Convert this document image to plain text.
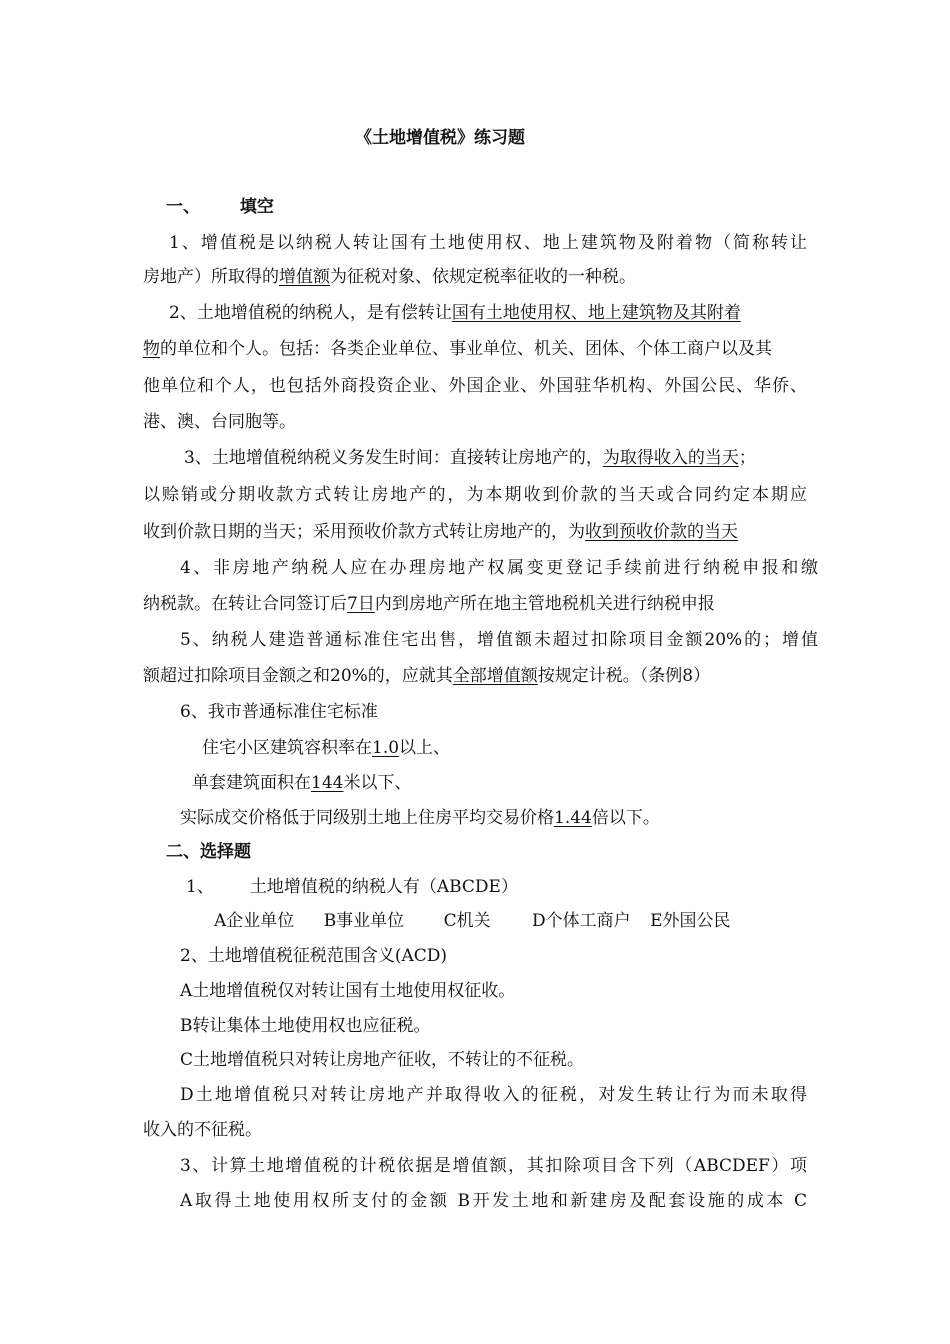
《土地增值税》练习题
一、 填空
1、增值税是以纳税人转让国有土地使用权、地上建筑物及附着物（简称转让
房地产）所取得的增值额为征税对象、依规定税率征收的一种税。
2、土地增值税的纳税人，是有偿转让国有土地使用权、地上建筑物及其附着
物的单位和个人。包括：各类企业单位、事业单位、机关、团体、个体工商户以及其
他单位和个人，也包括外商投资企业、外国企业、外国驻华机构、外国公民、华侨、
港、澳、台同胞等。
3、土地增值税纳税义务发生时间：直接转让房地产的，为取得收入的当天；
以赊销或分期收款方式转让房地产的，为本期收到价款的当天或合同约定本期应
收到价款日期的当天；采用预收价款方式转让房地产的，为收到预收价款的当天
4、非房地产纳税人应在办理房地产权属变更登记手续前进行纳税申报和缴
纳税款。在转让合同签订后7日内到房地产所在地主管地税机关进行纳税申报
5、纳税人建造普通标准住宅出售，增值额未超过扣除项目金额20%的；增值
额超过扣除项目金额之和20%的，应就其全部增值额按规定计税。（条例8）
6、我市普通标准住宅标准
住宅小区建筑容积率在1.0以上、
单套建筑面积在144米以下、
实际成交价格低于同级别土地上住房平均交易价格1.44倍以下。
二、选择题
1、 土地增值税的纳税人有（ABCDE）
A企业单位 B事业单位 C机关 D个体工商户 E外国公民
2、土地增值税征税范围含义(ACD)
A土地增值税仅对转让国有土地使用权征收。
B转让集体土地使用权也应征税。
C土地增值税只对转让房地产征收，不转让的不征税。
D土地增值税只对转让房地产并取得收入的征税，对发生转让行为而未取得
收入的不征税。
3、计算土地增值税的计税依据是增值额，其扣除项目含下列（ABCDEF）项
A取得土地使用权所支付的金额 B开发土地和新建房及配套设施的成本 C
